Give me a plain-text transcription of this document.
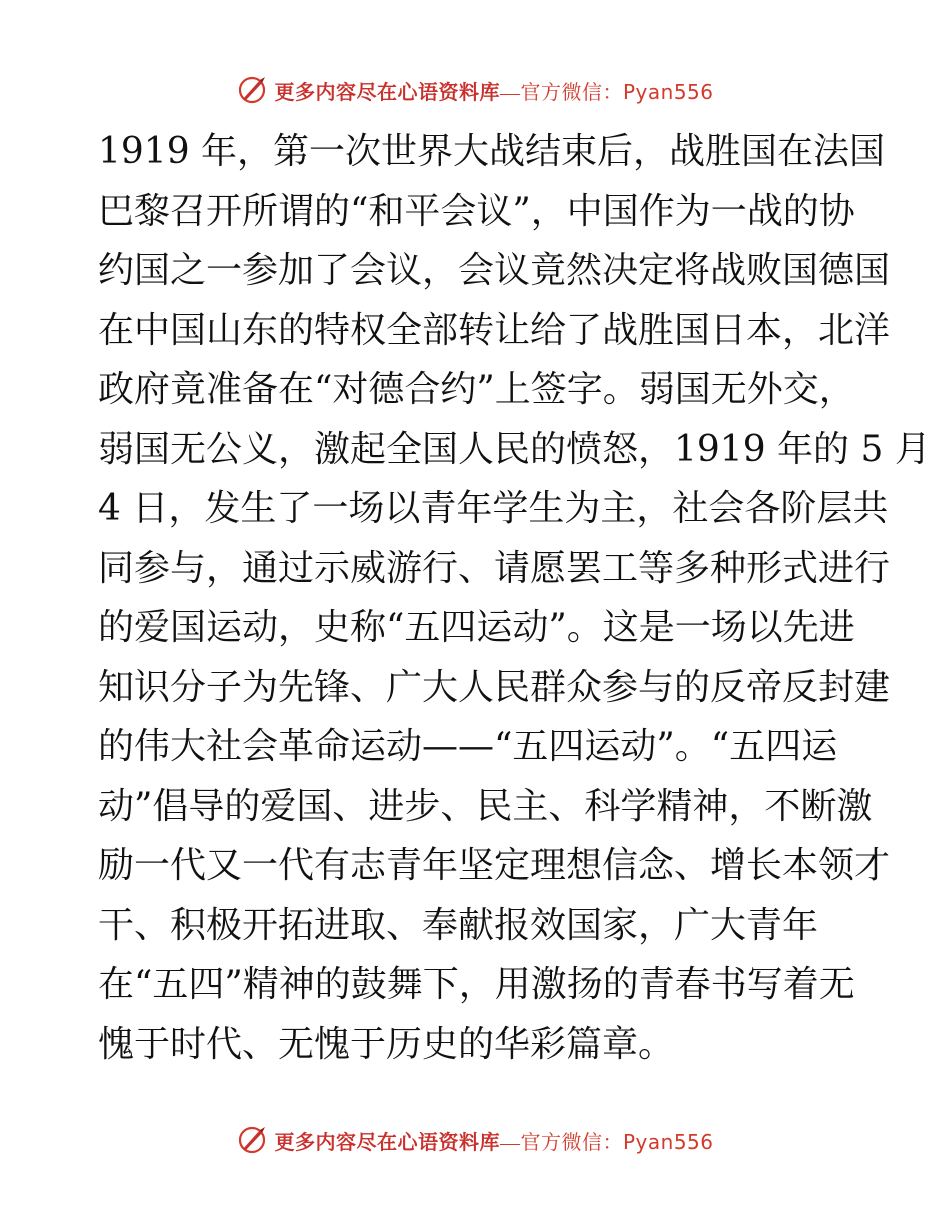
更多内容尽在心语资料库—官方微信：Pyan556
1919 年，第一次世界大战结束后，战胜国在法国
巴黎召开所谓的“和平会议”，中国作为一战的协
约国之一参加了会议，会议竟然决定将战败国德国
在中国山东的特权全部转让给了战胜国日本，北洋
政府竟准备在“对德合约”上签字。弱国无外交，
弱国无公义，激起全国人民的愤怒，1919 年的 5 月
4 日，发生了一场以青年学生为主，社会各阶层共
同参与，通过示威游行、请愿罢工等多种形式进行
的爱国运动，史称“五四运动”。这是一场以先进
知识分子为先锋、广大人民群众参与的反帝反封建
的伟大社会革命运动——“五四运动”。“五四运
动”倡导的爱国、进步、民主、科学精神，不断激
励一代又一代有志青年坚定理想信念、增长本领才
干、积极开拓进取、奉献报效国家，广大青年
在“五四”精神的鼓舞下，用激扬的青春书写着无
愧于时代、无愧于历史的华彩篇章。
更多内容尽在心语资料库—官方微信：Pyan556
